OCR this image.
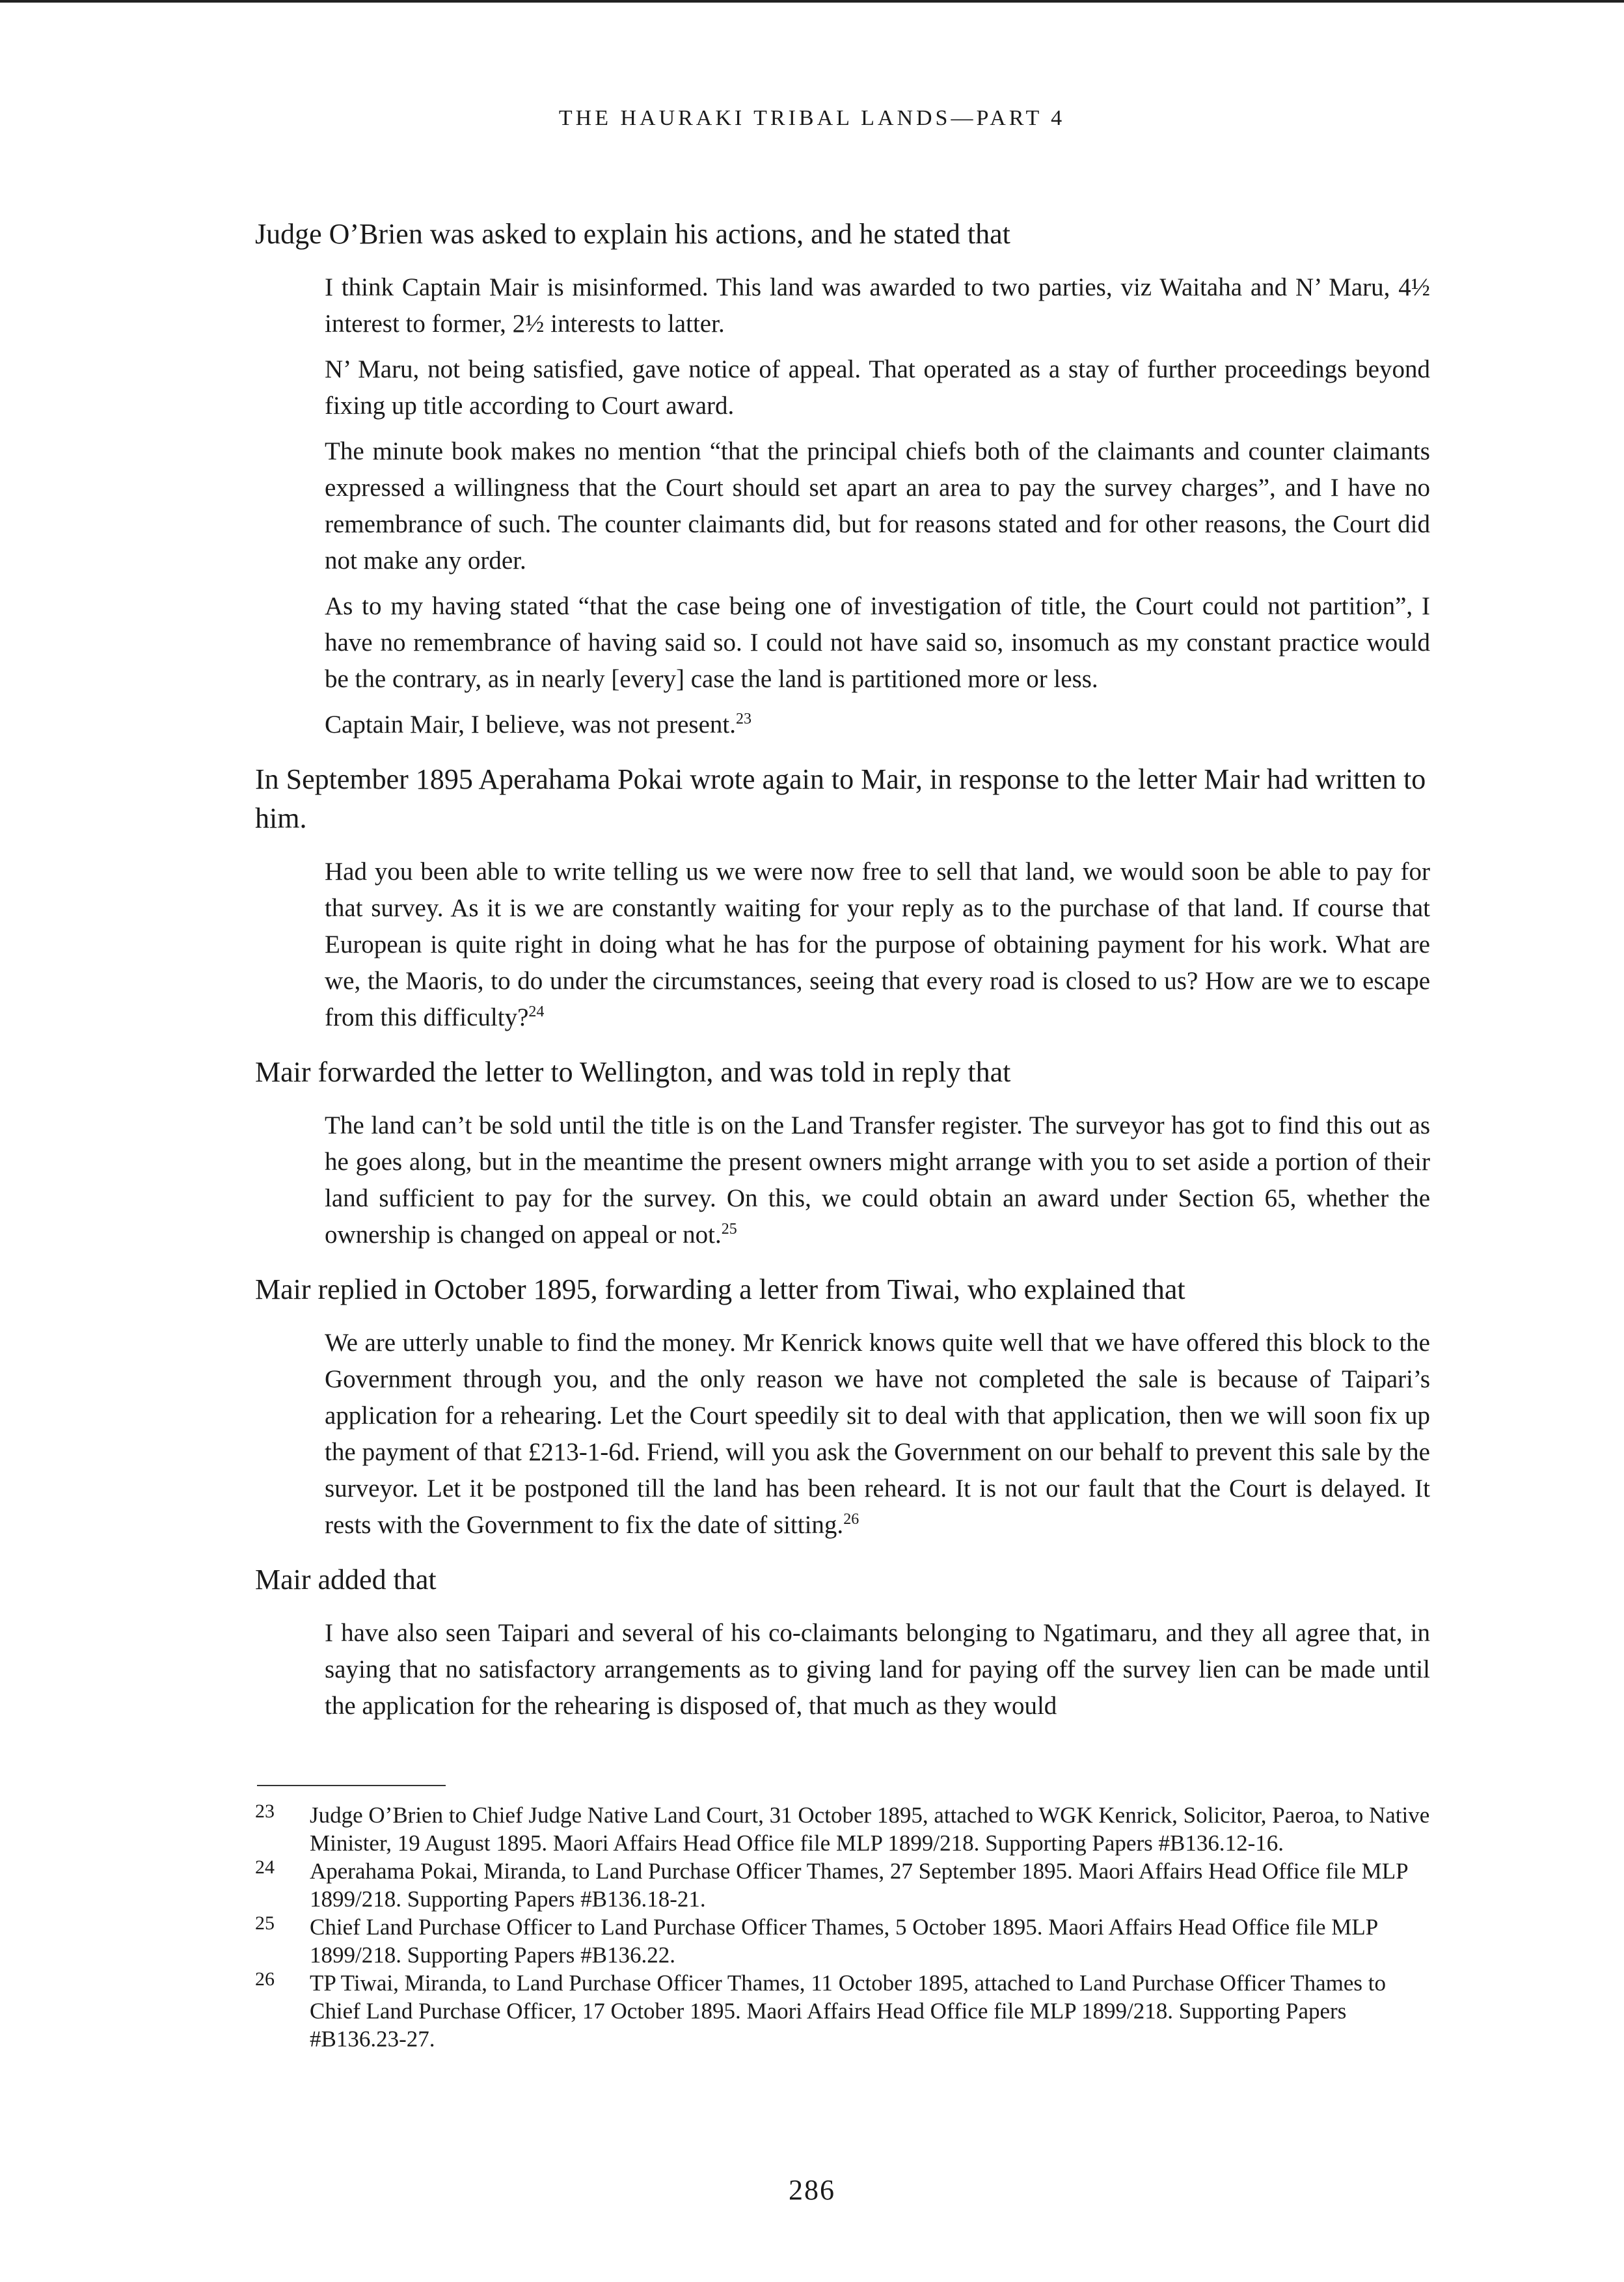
THE HAURAKI TRIBAL LANDS—PART 4

Judge O’Brien was asked to explain his actions, and he stated that

I think Captain Mair is misinformed. This land was awarded to two parties, viz Waitaha and N’ Maru, 4½ interest to former, 2½ interests to latter.

N’ Maru, not being satisfied, gave notice of appeal. That operated as a stay of further proceedings beyond fixing up title according to Court award.

The minute book makes no mention “that the principal chiefs both of the claimants and counter claimants expressed a willingness that the Court should set apart an area to pay the survey charges”, and I have no remembrance of such. The counter claimants did, but for reasons stated and for other reasons, the Court did not make any order.

As to my having stated “that the case being one of investigation of title, the Court could not partition”, I have no remembrance of having said so. I could not have said so, insomuch as my constant practice would be the contrary, as in nearly [every] case the land is partitioned more or less.

Captain Mair, I believe, was not present.$^{23}$

In September 1895 Aperahama Pokai wrote again to Mair, in response to the letter Mair had written to him.

Had you been able to write telling us we were now free to sell that land, we would soon be able to pay for that survey. As it is we are constantly waiting for your reply as to the purchase of that land. If course that European is quite right in doing what he has for the purpose of obtaining payment for his work. What are we, the Maoris, to do under the circumstances, seeing that every road is closed to us? How are we to escape from this difficulty?$^{24}$

Mair forwarded the letter to Wellington, and was told in reply that

The land can’t be sold until the title is on the Land Transfer register. The surveyor has got to find this out as he goes along, but in the meantime the present owners might arrange with you to set aside a portion of their land sufficient to pay for the survey. On this, we could obtain an award under Section 65, whether the ownership is changed on appeal or not.$^{25}$

Mair replied in October 1895, forwarding a letter from Tiwai, who explained that

We are utterly unable to find the money. Mr Kenrick knows quite well that we have offered this block to the Government through you, and the only reason we have not completed the sale is because of Taipari’s application for a rehearing. Let the Court speedily sit to deal with that application, then we will soon fix up the payment of that £213-1-6d. Friend, will you ask the Government on our behalf to prevent this sale by the surveyor. Let it be postponed till the land has been reheard. It is not our fault that the Court is delayed. It rests with the Government to fix the date of sitting.$^{26}$

Mair added that

I have also seen Taipari and several of his co-claimants belonging to Ngatimaru, and they all agree that, in saying that no satisfactory arrangements as to giving land for paying off the survey lien can be made until the application for the rehearing is disposed of, that much as they would

23	Judge O’Brien to Chief Judge Native Land Court, 31 October 1895, attached to WGK Kenrick, Solicitor, Paeroa, to Native Minister, 19 August 1895. Maori Affairs Head Office file MLP 1899/218. Supporting Papers #B136.12-16.
24	Aperahama Pokai, Miranda, to Land Purchase Officer Thames, 27 September 1895. Maori Affairs Head Office file MLP 1899/218. Supporting Papers #B136.18-21.
25	Chief Land Purchase Officer to Land Purchase Officer Thames, 5 October 1895. Maori Affairs Head Office file MLP 1899/218. Supporting Papers #B136.22.
26	TP Tiwai, Miranda, to Land Purchase Officer Thames, 11 October 1895, attached to Land Purchase Officer Thames to Chief Land Purchase Officer, 17 October 1895. Maori Affairs Head Office file MLP 1899/218. Supporting Papers #B136.23-27.
286
